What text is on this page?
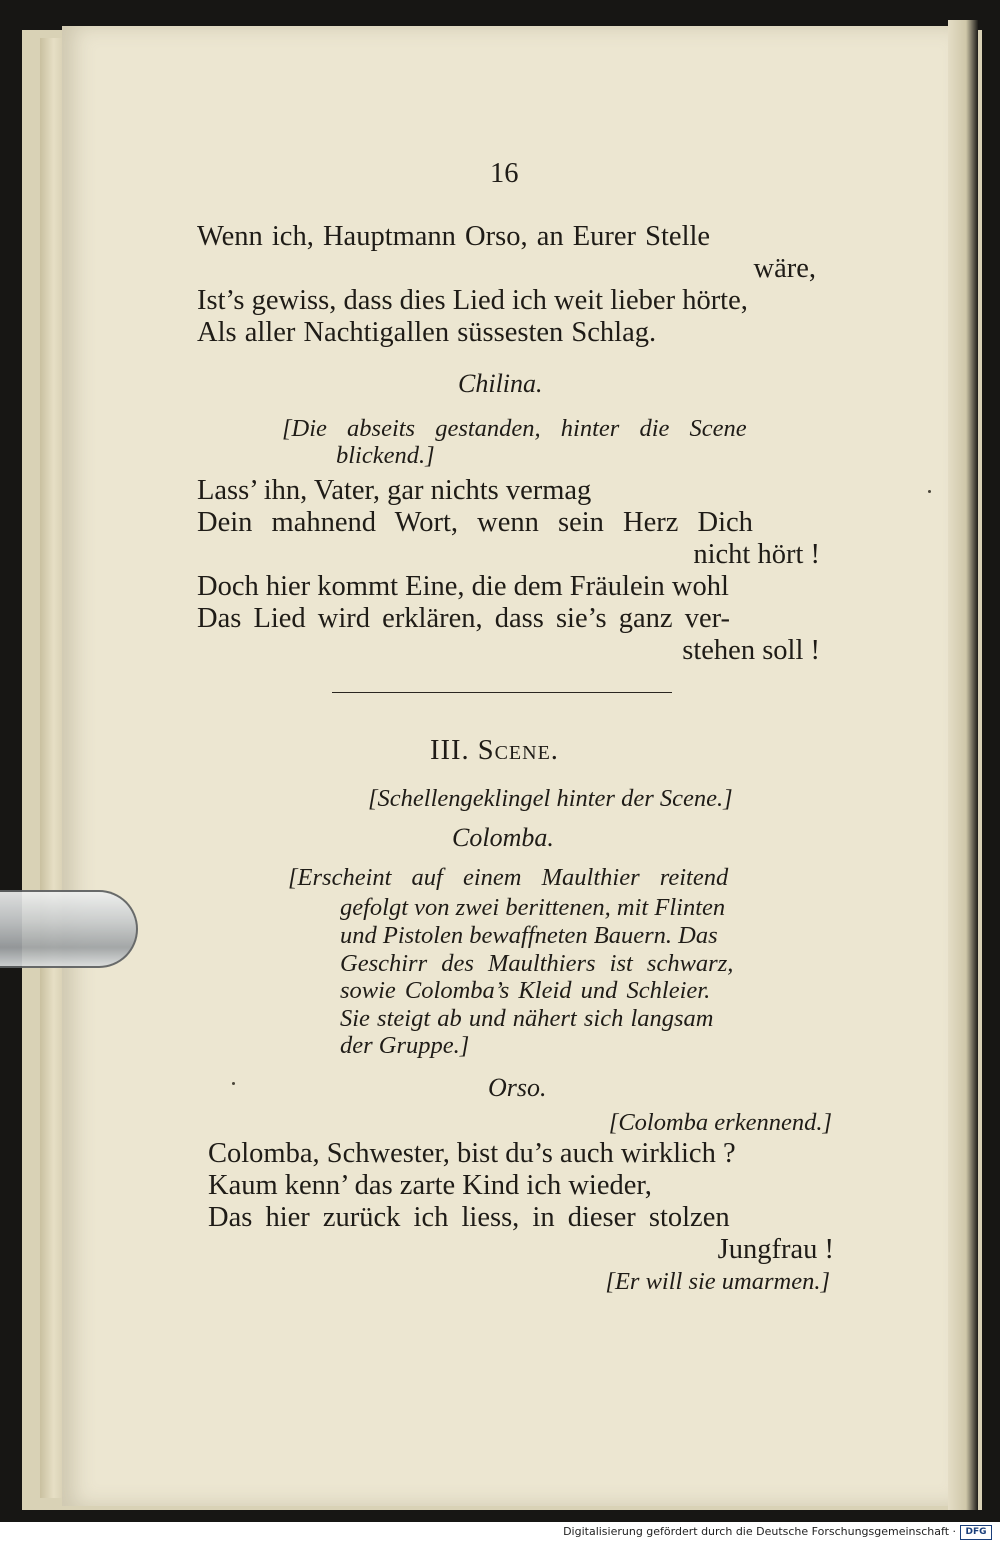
16
Wenn ich, Hauptmann Orso, an Eurer Stelle
wäre,
Ist’s gewiss, dass dies Lied ich weit lieber hörte,
Als aller Nachtigallen süssesten Schlag.
Chilina.
[Die abseits gestanden, hinter die Scene
blickend.]
Lass’ ihn, Vater, gar nichts vermag
Dein mahnend Wort, wenn sein Herz Dich
nicht hört !
Doch hier kommt Eine, die dem Fräulein wohl
Das Lied wird erklären, dass sie’s ganz ver-
stehen soll !
III. Scene.
[Schellengeklingel hinter der Scene.]
Colomba.
[Erscheint auf einem Maulthier reitend
gefolgt von zwei berittenen, mit Flinten
und Pistolen bewaffneten Bauern. Das
Geschirr des Maulthiers ist schwarz,
sowie Colomba’s Kleid und Schleier.
Sie steigt ab und nähert sich langsam
der Gruppe.]
Orso.
[Colomba erkennend.]
Colomba, Schwester, bist du’s auch wirklich ?
Kaum kenn’ das zarte Kind ich wieder,
Das hier zurück ich liess, in dieser stolzen
Jungfrau !
[Er will sie umarmen.]
Digitalisierung gefördert durch die Deutsche Forschungsgemeinschaft ·	DFG
